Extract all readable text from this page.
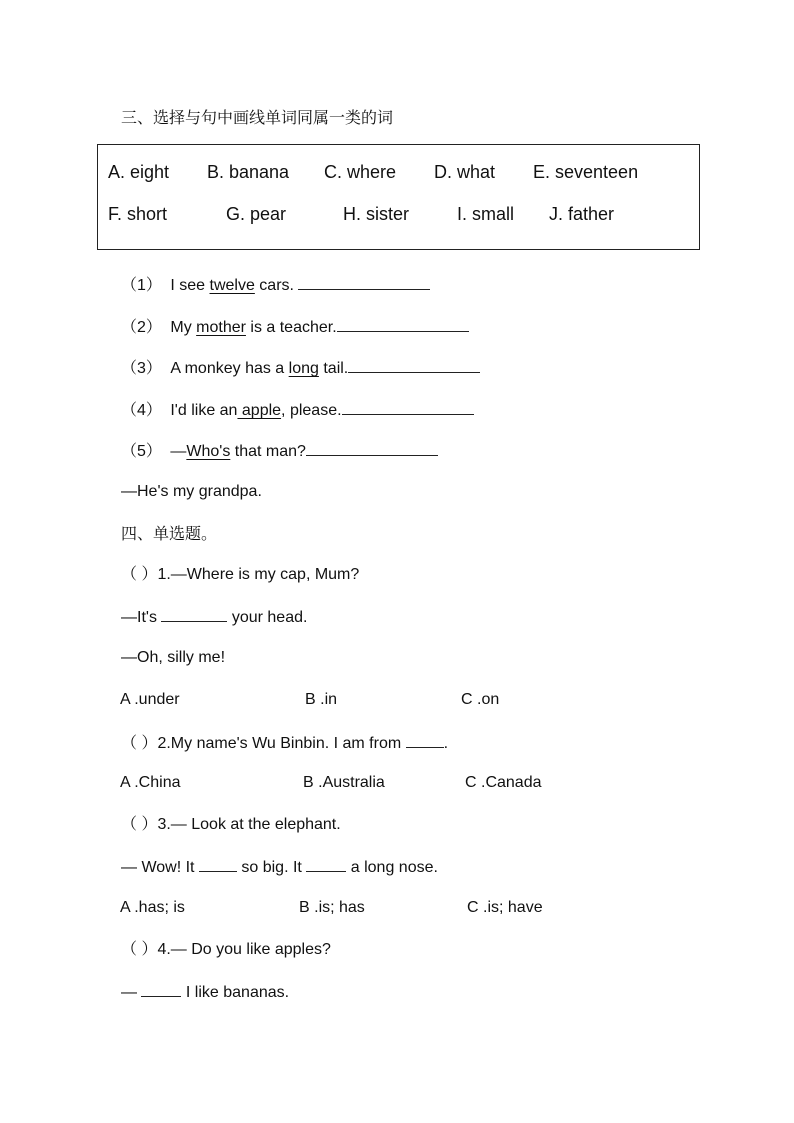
三、选择与句中画线单词同属一类的词
A. eight B. banana C. where D. what E. seventeen
F. short	G. pear	H. sister	I. small J. father
（1） I see twelve cars.
（2） My mother is a teacher.
（3） A monkey has a long tail.
（4） I'd like an apple, please.
（5） —Who's that man?
—He's my grandpa.
四、单选题。
（ ）1.—Where is my cap, Mum?
—It's	your head.
—Oh, silly me!
A .under	B .in	C .on
（ ）2.My name's Wu Binbin. I am from .
A .China	B .Australia	C .Canada
（ ）3.— Look at the elephant.
— Wow! It  so big. It	a long nose.
A .has; is	B .is; has	C .is; have
（ ）4.— Do you like apples?
—	I like bananas.
